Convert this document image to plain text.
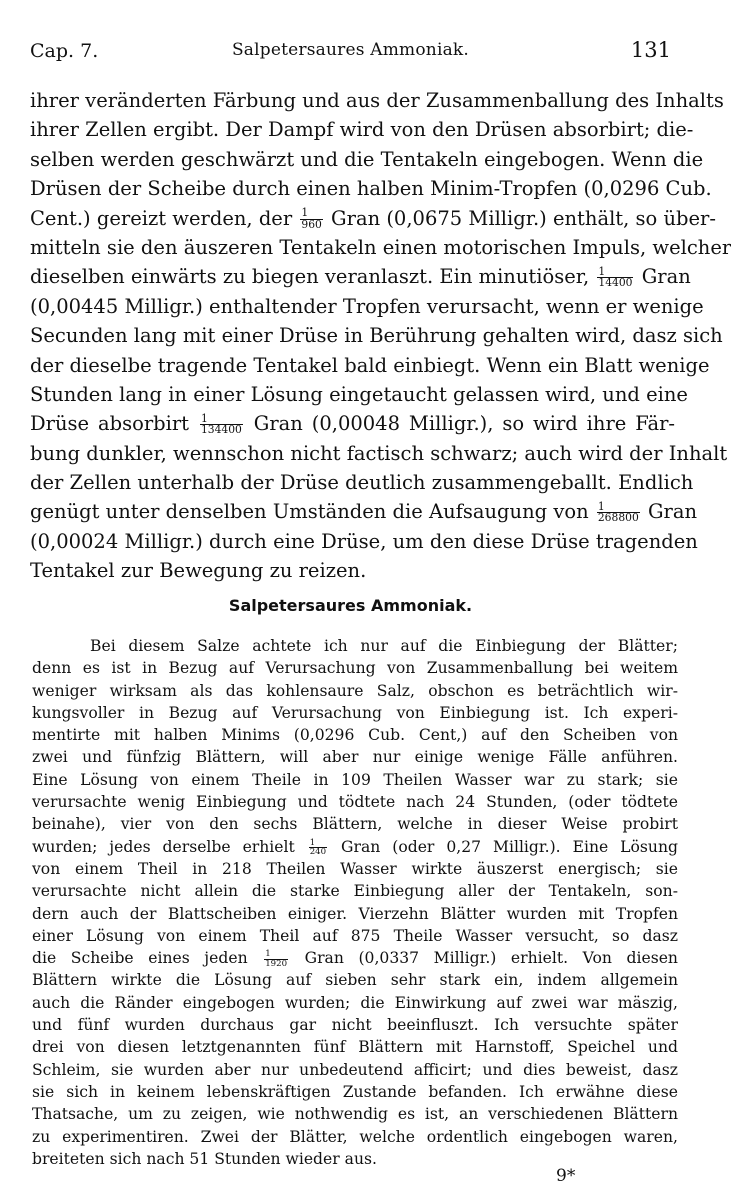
Cap. 7.	Salpetersaures Ammoniak.	131
ihrer veränderten Färbung und aus der Zusammenballung des Inhalts
ihrer Zellen ergibt. Der Dampf wird von den Drüsen absorbirt; die-
selben werden geschwärzt und die Tentakeln eingebogen. Wenn die
Drüsen der Scheibe durch einen halben Minim-Tropfen (0,0296 Cub.
Cent.) gereizt werden, der $\frac{1}{960}$ Gran (0,0675 Milligr.) enthält, so über-
mitteln sie den äuszeren Tentakeln einen motorischen Impuls, welcher
dieselben einwärts zu biegen veranlaszt. Ein minutiöser, $\frac{1}{14400}$ Gran
(0,00445 Milligr.) enthaltender Tropfen verursacht, wenn er wenige
Secunden lang mit einer Drüse in Berührung gehalten wird, dasz sich
der dieselbe tragende Tentakel bald einbiegt. Wenn ein Blatt wenige
Stunden lang in einer Lösung eingetaucht gelassen wird, und eine
Drüse absorbirt $\frac{1}{134400}$ Gran (0,00048 Milligr.), so wird ihre Fär-
bung dunkler, wennschon nicht factisch schwarz; auch wird der Inhalt
der Zellen unterhalb der Drüse deutlich zusammengeballt. Endlich
genügt unter denselben Umständen die Aufsaugung von $\frac{1}{268800}$ Gran
(0,00024 Milligr.) durch eine Drüse, um den diese Drüse tragenden
Tentakel zur Bewegung zu reizen.
Salpetersaures Ammoniak.
Bei diesem Salze achtete ich nur auf die Einbiegung der Blätter;
denn es ist in Bezug auf Verursachung von Zusammenballung bei weitem
weniger wirksam als das kohlensaure Salz, obschon es beträchtlich wir-
kungsvoller in Bezug auf Verursachung von Einbiegung ist. Ich experi-
mentirte mit halben Minims (0,0296 Cub. Cent,) auf den Scheiben von
zwei und fünfzig Blättern, will aber nur einige wenige Fälle anführen.
Eine Lösung von einem Theile in 109 Theilen Wasser war zu stark; sie
verursachte wenig Einbiegung und tödtete nach 24 Stunden, (oder tödtete
beinahe), vier von den sechs Blättern, welche in dieser Weise probirt
wurden; jedes derselbe erhielt $\frac{1}{240}$ Gran (oder 0,27 Milligr.). Eine Lösung
von einem Theil in 218 Theilen Wasser wirkte äuszerst energisch; sie
verursachte nicht allein die starke Einbiegung aller der Tentakeln, son-
dern auch der Blattscheiben einiger. Vierzehn Blätter wurden mit Tropfen
einer Lösung von einem Theil auf 875 Theile Wasser versucht, so dasz
die Scheibe eines jeden $\frac{1}{1920}$ Gran (0,0337 Milligr.) erhielt. Von diesen
Blättern wirkte die Lösung auf sieben sehr stark ein, indem allgemein
auch die Ränder eingebogen wurden; die Einwirkung auf zwei war mäszig,
und fünf wurden durchaus gar nicht beeinfluszt. Ich versuchte später
drei von diesen letztgenannten fünf Blättern mit Harnstoff, Speichel und
Schleim, sie wurden aber nur unbedeutend afficirt; und dies beweist, dasz
sie sich in keinem lebenskräftigen Zustande befanden. Ich erwähne diese
Thatsache, um zu zeigen, wie nothwendig es ist, an verschiedenen Blättern
zu experimentiren. Zwei der Blätter, welche ordentlich eingebogen waren,
breiteten sich nach 51 Stunden wieder aus.
9*
